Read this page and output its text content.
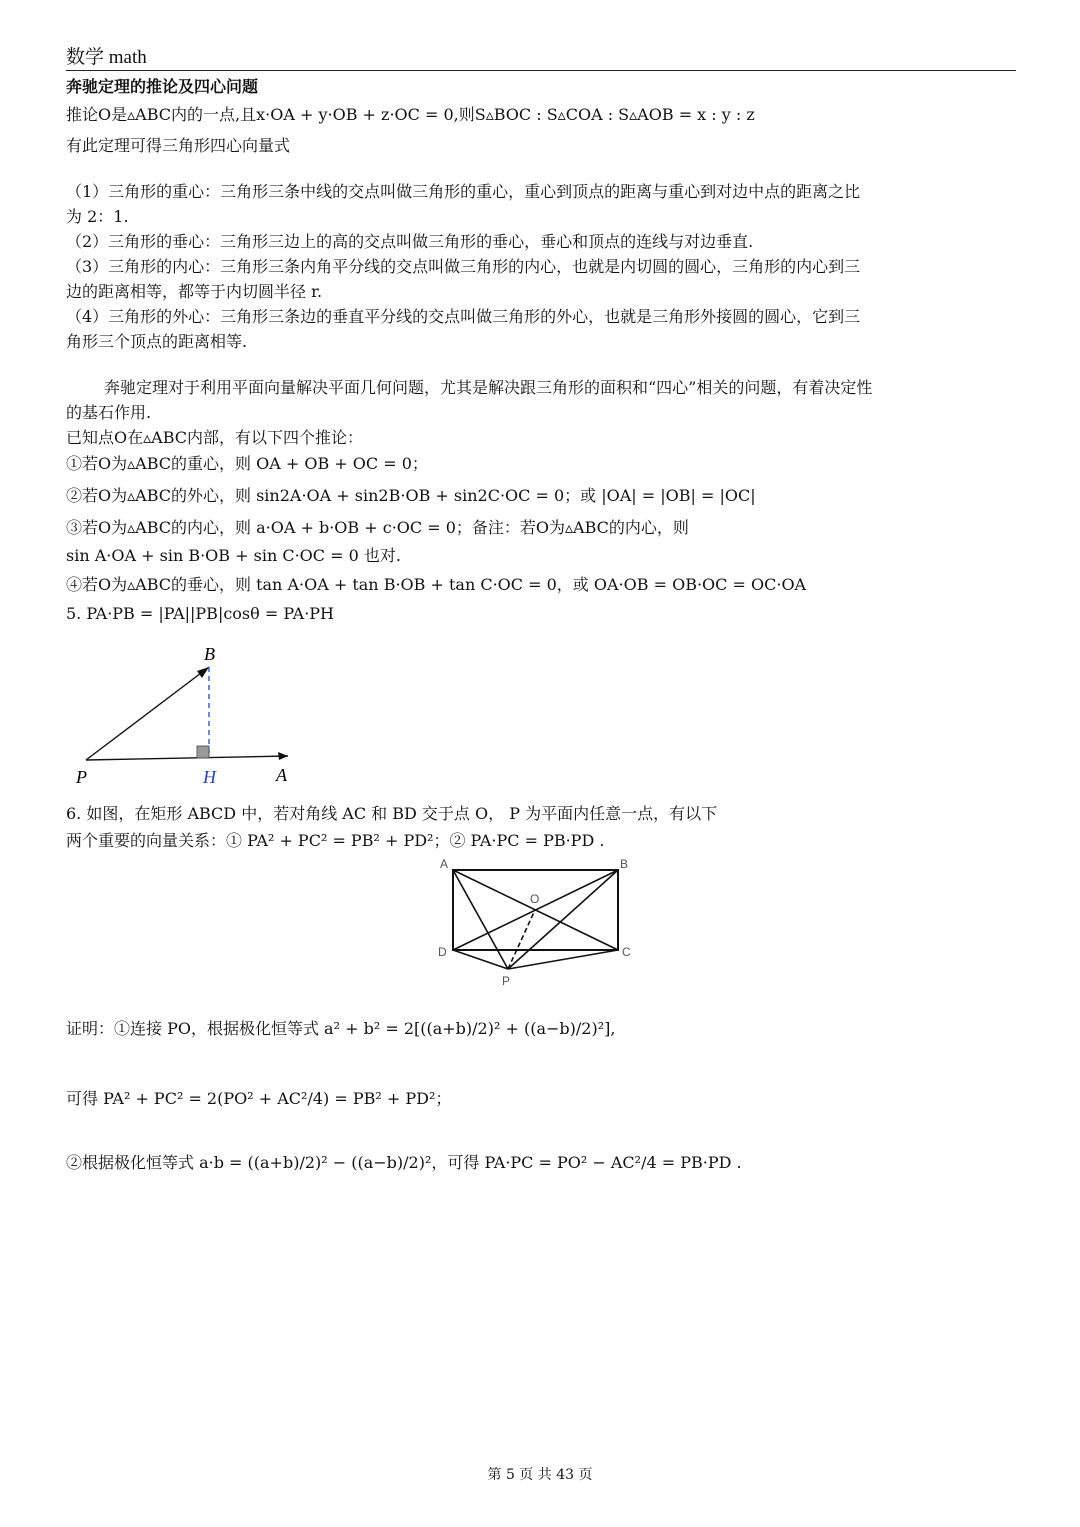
数学 math
奔驰定理的推论及四心问题
推论O是▵ABC内的一点,且x·OA + y·OB + z·OC = 0,则S▵BOC : S▵COA : S▵AOB = x : y : z
有此定理可得三角形四心向量式
（1）三角形的重心：三角形三条中线的交点叫做三角形的重心，重心到顶点的距离与重心到对边中点的距离之比
为 2：1.
（2）三角形的垂心：三角形三边上的高的交点叫做三角形的垂心，垂心和顶点的连线与对边垂直.
（3）三角形的内心：三角形三条内角平分线的交点叫做三角形的内心，也就是内切圆的圆心，三角形的内心到三
边的距离相等，都等于内切圆半径 r.
（4）三角形的外心：三角形三条边的垂直平分线的交点叫做三角形的外心，也就是三角形外接圆的圆心，它到三
角形三个顶点的距离相等.
奔驰定理对于利用平面向量解决平面几何问题，尤其是解决跟三角形的面积和“四心”相关的问题，有着决定性
的基石作用.
已知点O在▵ABC内部，有以下四个推论：
①若O为▵ABC的重心，则 OA + OB + OC = 0；
②若O为▵ABC的外心，则 sin2A·OA + sin2B·OB + sin2C·OC = 0；或 |OA| = |OB| = |OC|
③若O为▵ABC的内心，则 a·OA + b·OB + c·OC = 0；备注：若O为▵ABC的内心，则
sin A·OA + sin B·OB + sin C·OC = 0 也对.
④若O为▵ABC的垂心，则 tan A·OA + tan B·OB + tan C·OC = 0，或 OA·OB = OB·OC = OC·OA
5. PA·PB = |PA||PB|cosθ = PA·PH
P	H	A
B
6. 如图，在矩形 ABCD 中，若对角线 AC 和 BD 交于点 O， P 为平面内任意一点，有以下
两个重要的向量关系：① PA² + PC² = PB² + PD²；② PA·PC = PB·PD .
A	B
C
D
O
P
证明：①连接 PO，根据极化恒等式 a² + b² = 2[((a+b)/2)² + ((a−b)/2)²],
可得 PA² + PC² = 2(PO² + AC²/4) = PB² + PD²；
②根据极化恒等式 a·b = ((a+b)/2)² − ((a−b)/2)²，可得 PA·PC = PO² − AC²/4 = PB·PD .
第 5 页 共 43 页
